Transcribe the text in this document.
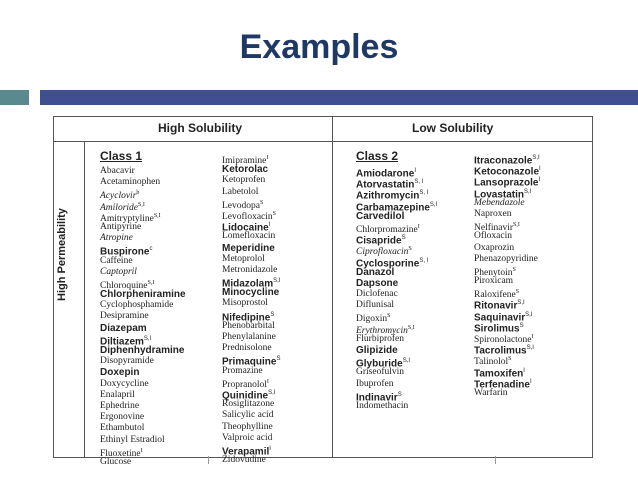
Examples
High Solubility	Low Solubility
High Permeability
Class 1	Class 2
Abacavir
Acetaminophen
Acyclovir$^b$
Amiloride$^{S,I}$
Amitryptyline$^{S,I}$
Antipyrine
Atropine
Buspirone$^c$
Caffeine
Captopril
Chloroquine$^{S,I}$
Chlorpheniramine
Cyclophosphamide
Desipramine
Diazepam
Diltiazem$^{S,I}$
Diphenhydramine
Disopyramide
Doxepin
Doxycycline
Enalapril
Ephedrine
Ergonovine
Ethambutol
Ethinyl Estradiol
Fluoxetine$^I$
Glucose
Imipramine$^I$
Ketorolac
Ketoprofen
Labetolol
Levodopa$^S$
Levofloxacin$^S$
Lidocaine$^I$
Lomefloxacin
Meperidine
Metoprolol
Metronidazole
Midazolam$^{S,I}$
Minocycline
Misoprostol
Nifedipine$^S$
Phenobarbital
Phenylalanine
Prednisolone
Primaquine$^S$
Promazine
Propranolol$^I$
Quinidine$^{S,I}$
Rosiglitazone
Salicylic acid
Theophylline
Valproic acid
Verapamil$^I$
Zidovudine
Amiodarone$^I$
Atorvastatin$^{S, I}$
Azithromycin$^{S, I}$
Carbamazepine$^{S,I}$
Carvedilol
Chlorpromazine$^I$
Cisapride$^S$
Ciprofloxacin$^S$
Cyclosporine$^{S, I}$
Danazol
Dapsone
Diclofenac
Diflunisal
Digoxin$^S$
Erythromycin$^{S,I}$
Flurbiprofen
Glipizide
Glyburide$^{S,I}$
Griseofulvin
Ibuprofen
Indinavir$^S$
Indomethacin
Itraconazole$^{S,I}$
Ketoconazole$^I$
Lansoprazole$^I$
Lovastatin$^{S,I}$
Mebendazole
Naproxen
Nelfinavir$^{S,I}$
Ofloxacin
Oxaprozin
Phenazopyridine
Phenytoin$^S$
Piroxicam
Raloxifene$^S$
Ritonavir$^{S,I}$
Saquinavir$^{S,I}$
Sirolimus$^S$
Spironolactone$^I$
Tacrolimus$^{S,I}$
Talinolol$^S$
Tamoxifen$^I$
Terfenadine$^I$
Warfarin
